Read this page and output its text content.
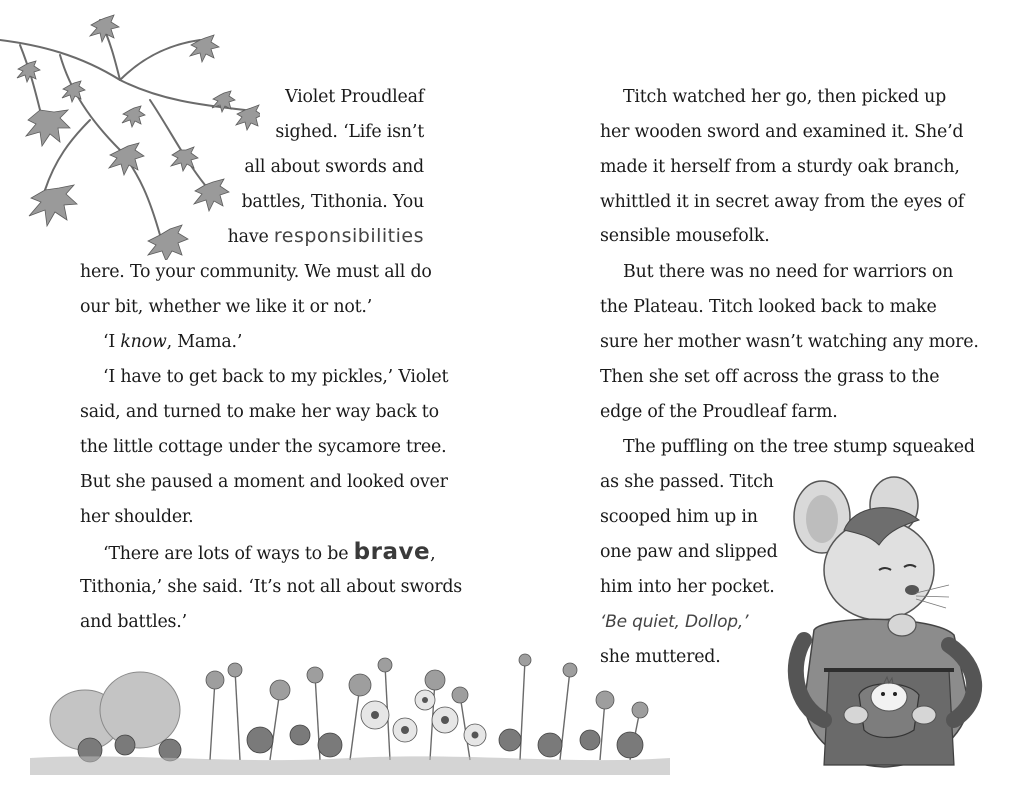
Violet Proudleaf
sighed. ‘Life isn’t
all about swords and
battles, Tithonia. You
have responsibilities
here. To your community. We must all do
our bit, whether we like it or not.’
‘I know, Mama.’
‘I have to get back to my pickles,’ Violet
said, and turned to make her way back to
the little cottage under the sycamore tree.
But she paused a moment and looked over
her shoulder.
‘There are lots of ways to be brave,
Tithonia,’ she said. ‘It’s not all about swords
and battles.’
Titch watched her go, then picked up
her wooden sword and examined it. She’d
made it herself from a sturdy oak branch,
whittled it in secret away from the eyes of
sensible mousefolk.
But there was no need for warriors on
the Plateau. Titch looked back to make
sure her mother wasn’t watching any more.
Then she set off across the grass to the
edge of the Proudleaf farm.
The puffling on the tree stump squeaked
as she passed. Titch
scooped him up in
one paw and slipped
him into her pocket.
‘Be quiet, Dollop,’
she muttered.
